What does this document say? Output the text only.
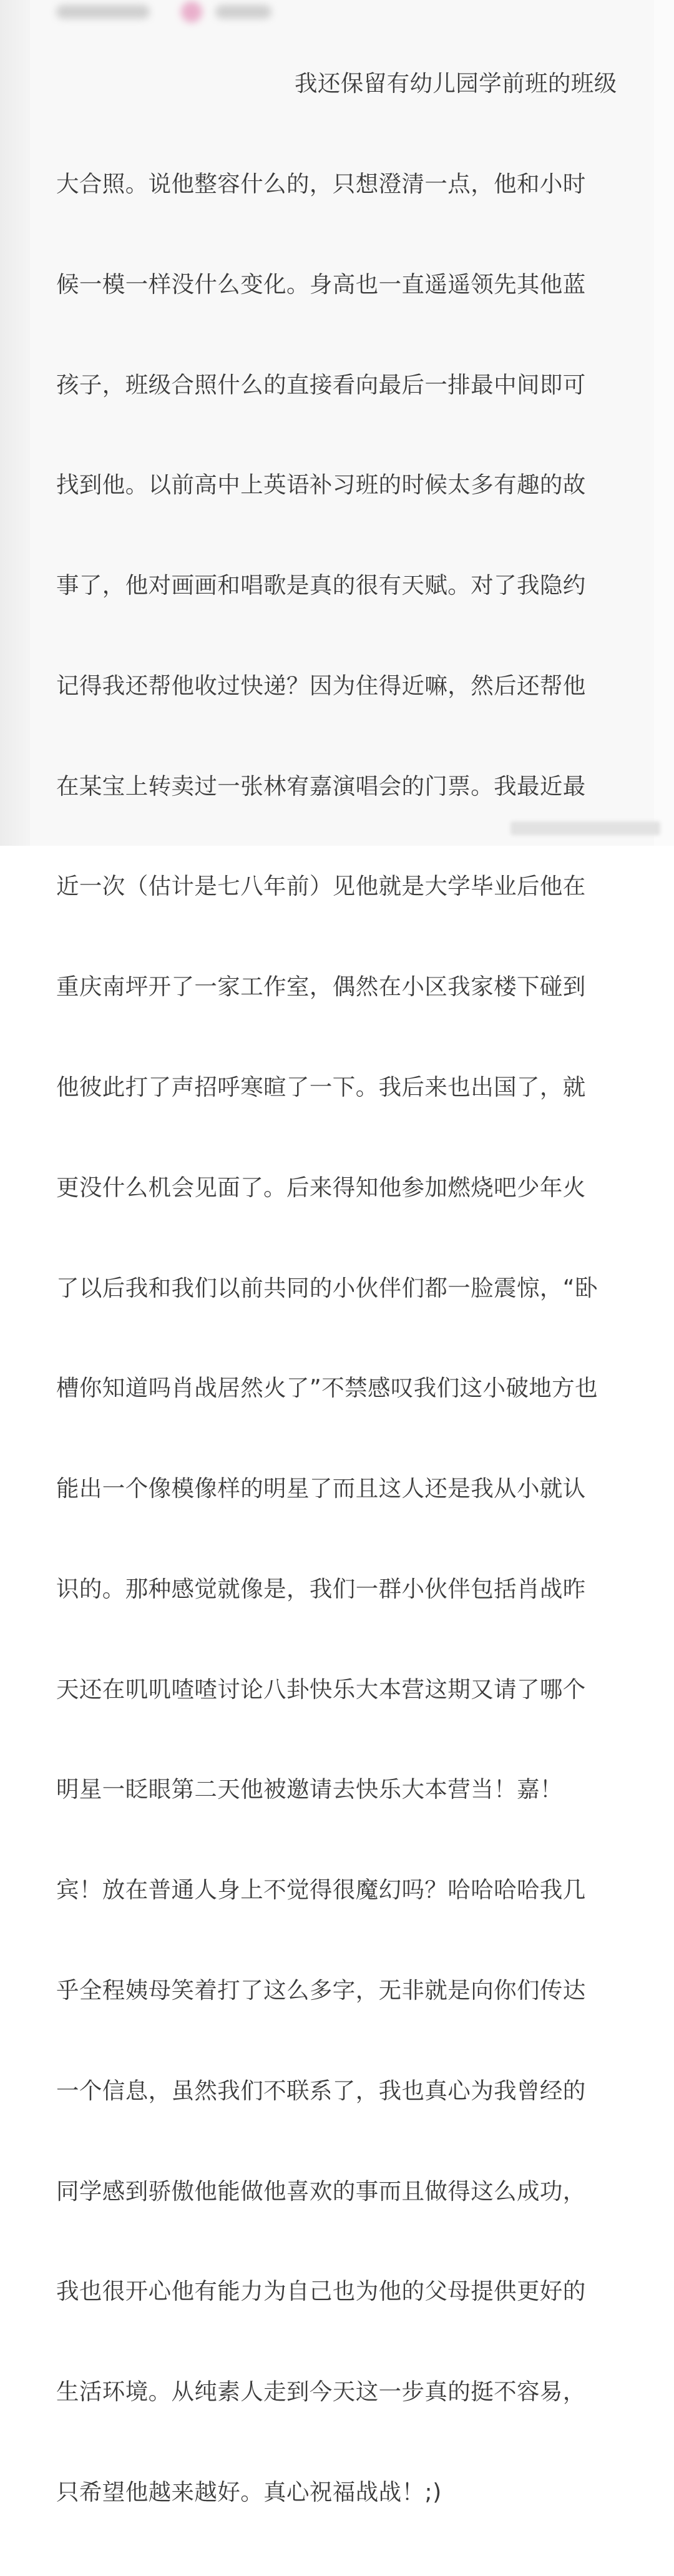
我还保留有幼儿园学前班的班级

大合照。说他整容什么的，只想澄清一点，他和小时

候一模一样没什么变化。身高也一直遥遥领先其他蓝

孩子，班级合照什么的直接看向最后一排最中间即可

找到他。以前高中上英语补习班的时候太多有趣的故

事了，他对画画和唱歌是真的很有天赋。对了我隐约

记得我还帮他收过快递？因为住得近嘛，然后还帮他

在某宝上转卖过一张林宥嘉演唱会的门票。我最近最

近一次（估计是七八年前）见他就是大学毕业后他在

重庆南坪开了一家工作室，偶然在小区我家楼下碰到

他彼此打了声招呼寒暄了一下。我后来也出国了，就

更没什么机会见面了。后来得知他参加燃烧吧少年火

了以后我和我们以前共同的小伙伴们都一脸震惊，“卧

槽你知道吗肖战居然火了”不禁感叹我们这小破地方也

能出一个像模像样的明星了而且这人还是我从小就认

识的。那种感觉就像是，我们一群小伙伴包括肖战昨

天还在叽叽喳喳讨论八卦快乐大本营这期又请了哪个

明星一眨眼第二天他被邀请去快乐大本营当！嘉！

宾！放在普通人身上不觉得很魔幻吗？哈哈哈哈我几

乎全程姨母笑着打了这么多字，无非就是向你们传达

一个信息，虽然我们不联系了，我也真心为我曾经的

同学感到骄傲他能做他喜欢的事而且做得这么成功，

我也很开心他有能力为自己也为他的父母提供更好的

生活环境。从纯素人走到今天这一步真的挺不容易，

只希望他越来越好。真心祝福战战！;)
